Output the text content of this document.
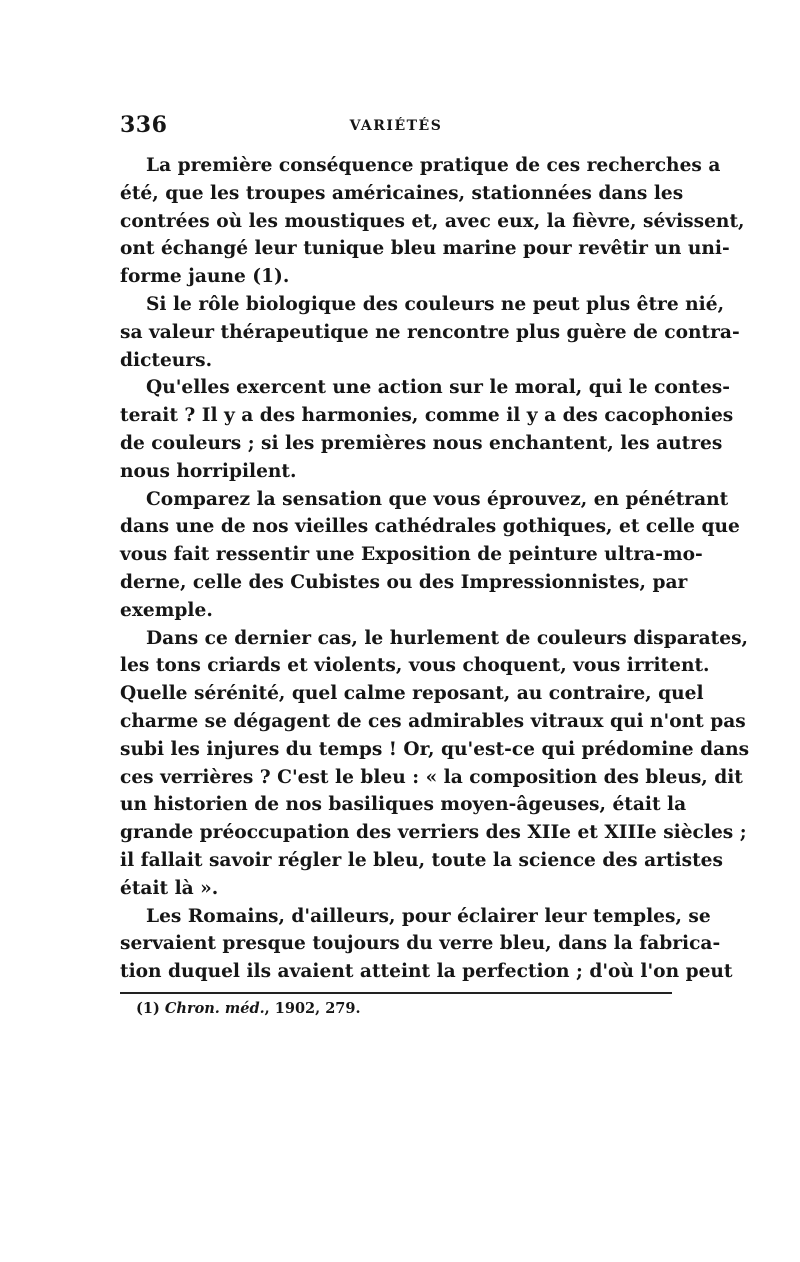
336	VARIÉTÉS
La première conséquence pratique de ces recherches a
été, que les troupes américaines, stationnées dans les
contrées où les moustiques et, avec eux, la fièvre, sévissent,
ont échangé leur tunique bleu marine pour revêtir un uni-
forme jaune (1).
Si le rôle biologique des couleurs ne peut plus être nié,
sa valeur thérapeutique ne rencontre plus guère de contra-
dicteurs.
Qu'elles exercent une action sur le moral, qui le contes-
terait ? Il y a des harmonies, comme il y a des cacophonies
de couleurs ; si les premières nous enchantent, les autres
nous horripilent.
Comparez la sensation que vous éprouvez, en pénétrant
dans une de nos vieilles cathédrales gothiques, et celle que
vous fait ressentir une Exposition de peinture ultra-mo-
derne, celle des Cubistes ou des Impressionnistes, par
exemple.
Dans ce dernier cas, le hurlement de couleurs disparates,
les tons criards et violents, vous choquent, vous irritent.
Quelle sérénité, quel calme reposant, au contraire, quel
charme se dégagent de ces admirables vitraux qui n'ont pas
subi les injures du temps ! Or, qu'est-ce qui prédomine dans
ces verrières ? C'est le bleu : « la composition des bleus, dit
un historien de nos basiliques moyen-âgeuses, était la
grande préoccupation des verriers des XIIe et XIIIe siècles ;
il fallait savoir régler le bleu, toute la science des artistes
était là ».
Les Romains, d'ailleurs, pour éclairer leur temples, se
servaient presque toujours du verre bleu, dans la fabrica-
tion duquel ils avaient atteint la perfection ; d'où l'on peut
(1) Chron. méd., 1902, 279.
